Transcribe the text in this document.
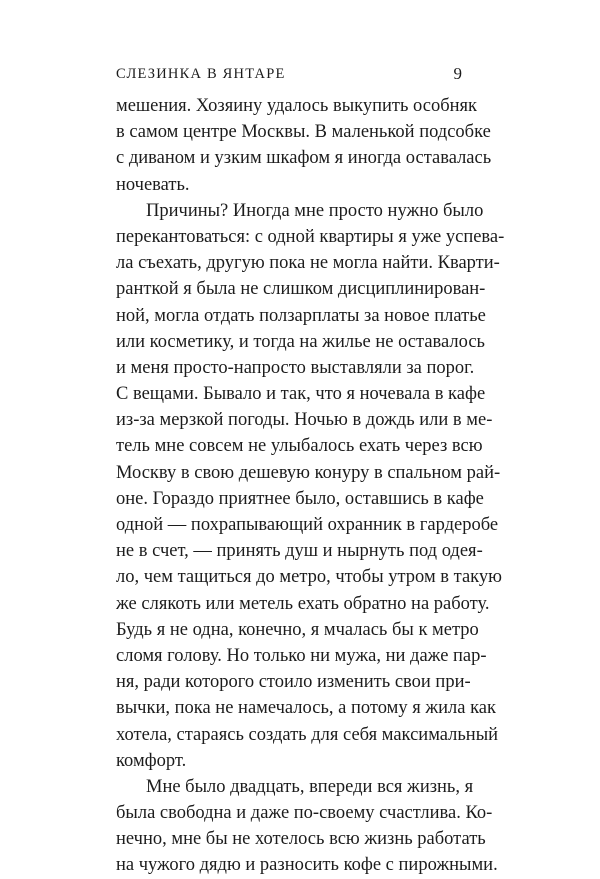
СЛЕЗИНКА В ЯНТАРЕ	9
мешения. Хозяину удалось выкупить особняк
в самом центре Москвы. В маленькой подсобке
с диваном и узким шкафом я иногда оставалась
ночевать.
Причины? Иногда мне просто нужно было
перекантоваться: с одной квартиры я уже успева-
ла съехать, другую пока не могла найти. Кварти-
ранткой я была не слишком дисциплинирован-
ной, могла отдать ползарплаты за новое платье
или косметику, и тогда на жилье не оставалось
и меня просто-напросто выставляли за порог.
С вещами. Бывало и так, что я ночевала в кафе
из-за мерзкой погоды. Ночью в дождь или в ме-
тель мне совсем не улыбалось ехать через всю
Москву в свою дешевую конуру в спальном рай-
оне. Гораздо приятнее было, оставшись в кафе
одной — похрапывающий охранник в гардеробе
не в счет, — принять душ и нырнуть под одея-
ло, чем тащиться до метро, чтобы утром в такую
же слякоть или метель ехать обратно на работу.
Будь я не одна, конечно, я мчалась бы к метро
сломя голову. Но только ни мужа, ни даже пар-
ня, ради которого стоило изменить свои при-
вычки, пока не намечалось, а потому я жила как
хотела, стараясь создать для себя максимальный
комфорт.
Мне было двадцать, впереди вся жизнь, я
была свободна и даже по-своему счастлива. Ко-
нечно, мне бы не хотелось всю жизнь работать
на чужого дядю и разносить кофе с пирожными.
